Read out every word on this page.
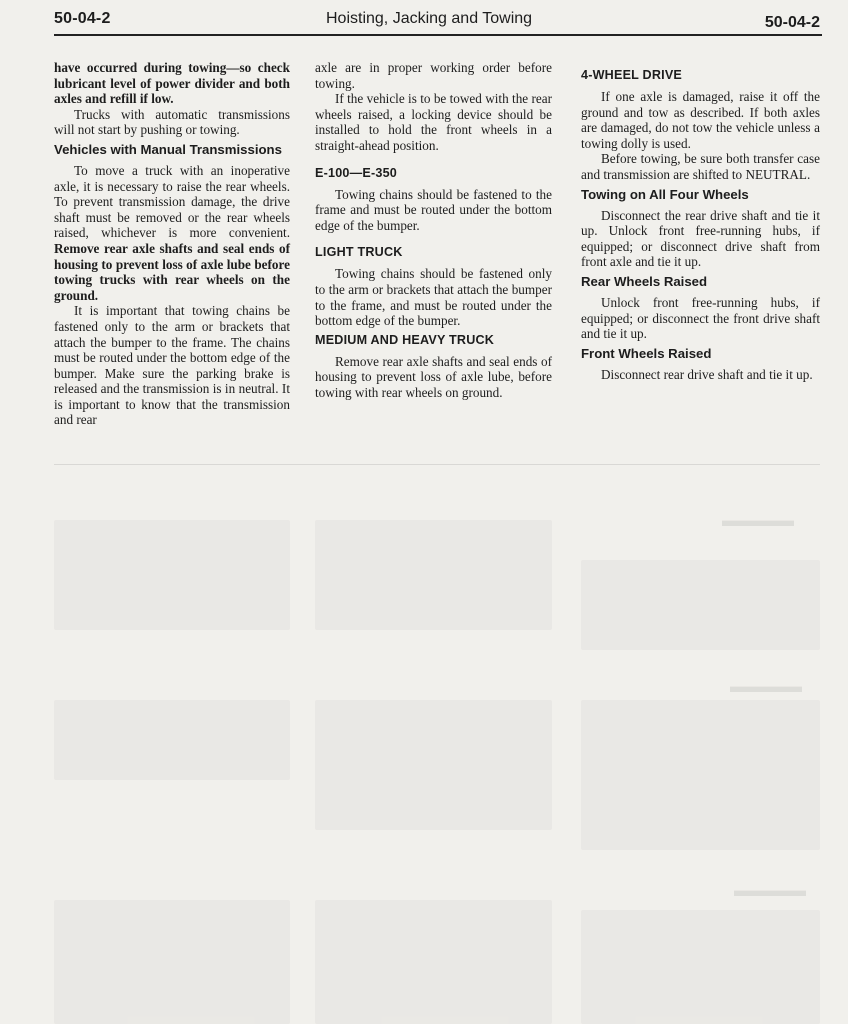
50-04-2	Hoisting, Jacking and Towing	50-04-2

have occurred during towing—so check lubricant level of power divider and both axles and refill if low.

Trucks with automatic transmissions will not start by pushing or towing.

Vehicles with Manual Transmissions

To move a truck with an inoperative axle, it is necessary to raise the rear wheels. To prevent transmission damage, the drive shaft must be removed or the rear wheels raised, whichever is more convenient. Remove rear axle shafts and seal ends of housing to prevent loss of axle lube before towing trucks with rear wheels on the ground.

It is important that towing chains be fastened only to the arm or brackets that attach the bumper to the frame. The chains must be routed under the bottom edge of the bumper. Make sure the parking brake is released and the transmission is in neutral. It is important to know that the transmission and rear

axle are in proper working order before towing.

If the vehicle is to be towed with the rear wheels raised, a locking device should be installed to hold the front wheels in a straight-ahead position.

E-100—E-350

Towing chains should be fastened to the frame and must be routed under the bottom edge of the bumper.

LIGHT TRUCK

Towing chains should be fastened only to the arm or brackets that attach the bumper to the frame, and must be routed under the bottom edge of the bumper.

MEDIUM AND HEAVY TRUCK

Remove rear axle shafts and seal ends of housing to prevent loss of axle lube, before towing with rear wheels on ground.

4-WHEEL DRIVE

If one axle is damaged, raise it off the ground and tow as described. If both axles are damaged, do not tow the vehicle unless a towing dolly is used.

Before towing, be sure both transfer case and transmission are shifted to NEUTRAL.

Towing on All Four Wheels

Disconnect the rear drive shaft and tie it up. Unlock front free-running hubs, if equipped; or disconnect drive shaft from front axle and tie it up.

Rear Wheels Raised

Unlock front free-running hubs, if equipped; or disconnect the front drive shaft and tie it up.

Front Wheels Raised

Disconnect rear drive shaft and tie it up.

▬▬▬▬
▬▬▬▬
▬▬▬▬
